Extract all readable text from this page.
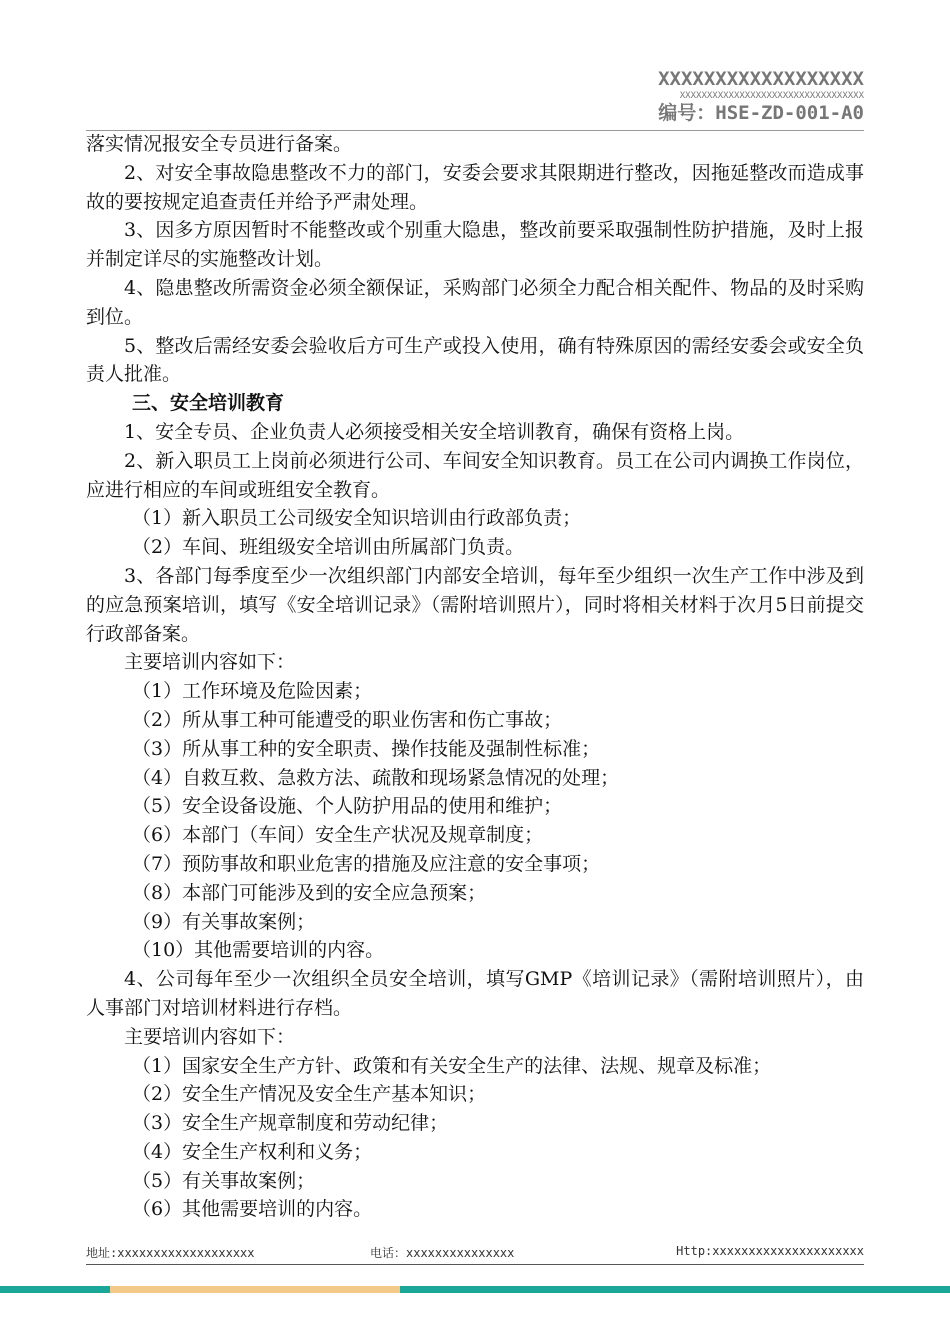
XXXXXXXXXXXXXXXXXX
XXXXXXXXXXXXXXXXXXXXXXXXXXXXXXXXXX
编号：HSE-ZD-001-A0

落实情况报安全专员进行备案。

2、对安全事故隐患整改不力的部门，安委会要求其限期进行整改，因拖延整改而造成事故的要按规定追查责任并给予严肃处理。

3、因多方原因暂时不能整改或个别重大隐患，整改前要采取强制性防护措施，及时上报并制定详尽的实施整改计划。

4、隐患整改所需资金必须全额保证，采购部门必须全力配合相关配件、物品的及时采购到位。

5、整改后需经安委会验收后方可生产或投入使用，确有特殊原因的需经安委会或安全负责人批准。

三、安全培训教育

1、安全专员、企业负责人必须接受相关安全培训教育，确保有资格上岗。

2、新入职员工上岗前必须进行公司、车间安全知识教育。员工在公司内调换工作岗位，应进行相应的车间或班组安全教育。

（1）新入职员工公司级安全知识培训由行政部负责；

（2）车间、班组级安全培训由所属部门负责。

3、各部门每季度至少一次组织部门内部安全培训，每年至少组织一次生产工作中涉及到的应急预案培训，填写《安全培训记录》（需附培训照片），同时将相关材料于次月5日前提交行政部备案。

主要培训内容如下：

（1）工作环境及危险因素；

（2）所从事工种可能遭受的职业伤害和伤亡事故；

（3）所从事工种的安全职责、操作技能及强制性标准；

（4）自救互救、急救方法、疏散和现场紧急情况的处理；

（5）安全设备设施、个人防护用品的使用和维护；

（6）本部门（车间）安全生产状况及规章制度；

（7）预防事故和职业危害的措施及应注意的安全事项；

（8）本部门可能涉及到的安全应急预案；

（9）有关事故案例；

（10）其他需要培训的内容。

4、公司每年至少一次组织全员安全培训，填写GMP《培训记录》（需附培训照片），由人事部门对培训材料进行存档。

主要培训内容如下：

（1）国家安全生产方针、政策和有关安全生产的法律、法规、规章及标准；

（2）安全生产情况及安全生产基本知识；

（3）安全生产规章制度和劳动纪律；

（4）安全生产权利和义务；

（5）有关事故案例；

（6）其他需要培训的内容。

地址:xxxxxxxxxxxxxxxxxxx	电话：xxxxxxxxxxxxxxx	Http:xxxxxxxxxxxxxxxxxxxxx
